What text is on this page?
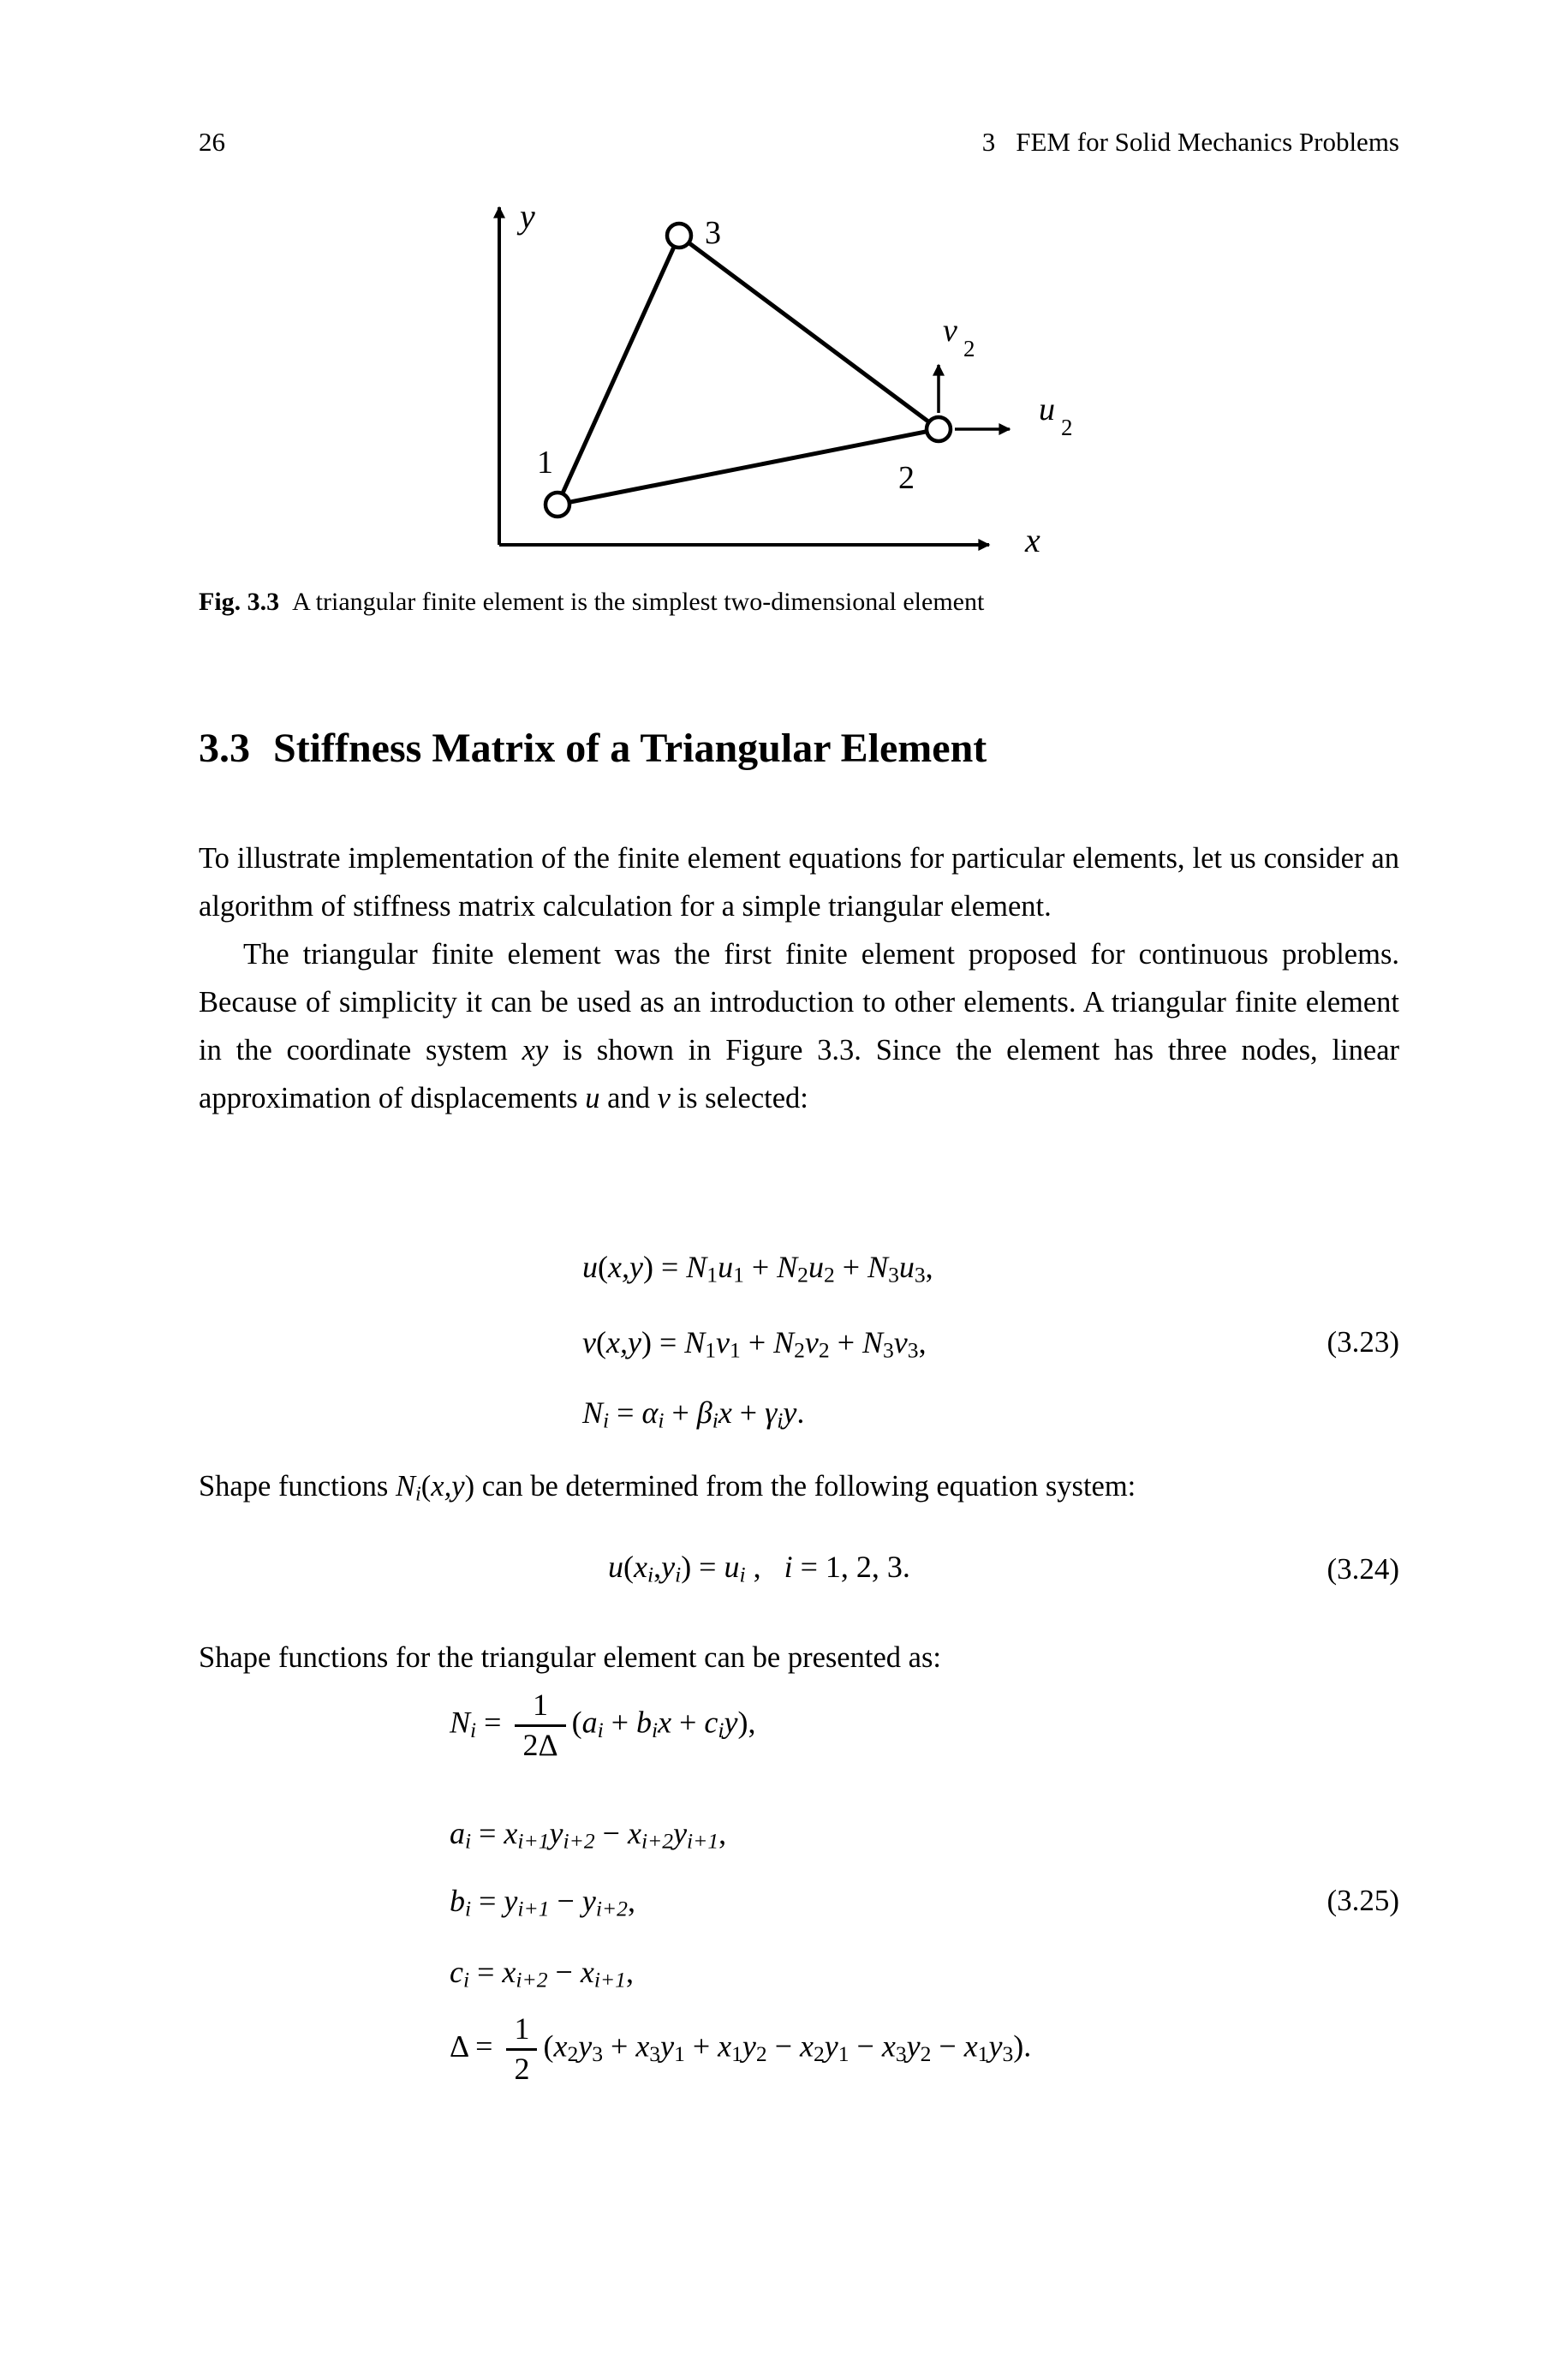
26	3 FEM for Solid Mechanics Problems
y
x
1	2
3
v 2
u 2
Fig. 3.3 A triangular finite element is the simplest two-dimensional element
3.3 Stiffness Matrix of a Triangular Element

To illustrate implementation of the finite element equations for particular elements, let us consider an algorithm of stiffness matrix calculation for a simple triangular element.

The triangular finite element was the first finite element proposed for continuous problems. Because of simplicity it can be used as an introduction to other elements. A triangular finite element in the coordinate system xy is shown in Figure 3.3. Since the element has three nodes, linear approximation of displacements u and v is selected:

u(x,y) = N1u1 + N2u2 + N3u3,
v(x,y) = N1v1 + N2v2 + N3v3,
Ni = αi + βix + γiy.
(3.23)
Shape functions Ni(x,y) can be determined from the following equation system:
u(xi,yi) = ui ,   i = 1, 2, 3.	(3.24)
Shape functions for the triangular element can be presented as:
$Ni = \frac{1}{2\Delta} (ai$ + bix + ciy),
ai = xi+1yi+2 − xi+2yi+1,
bi = yi+1 − yi+2,
ci = xi+2 − xi+1,
$\Delta = \frac{1}{2} (x2y3 + x3y1 + x1y2 - x2y1 - x3y2 - x1y3)$.
(3.25)
